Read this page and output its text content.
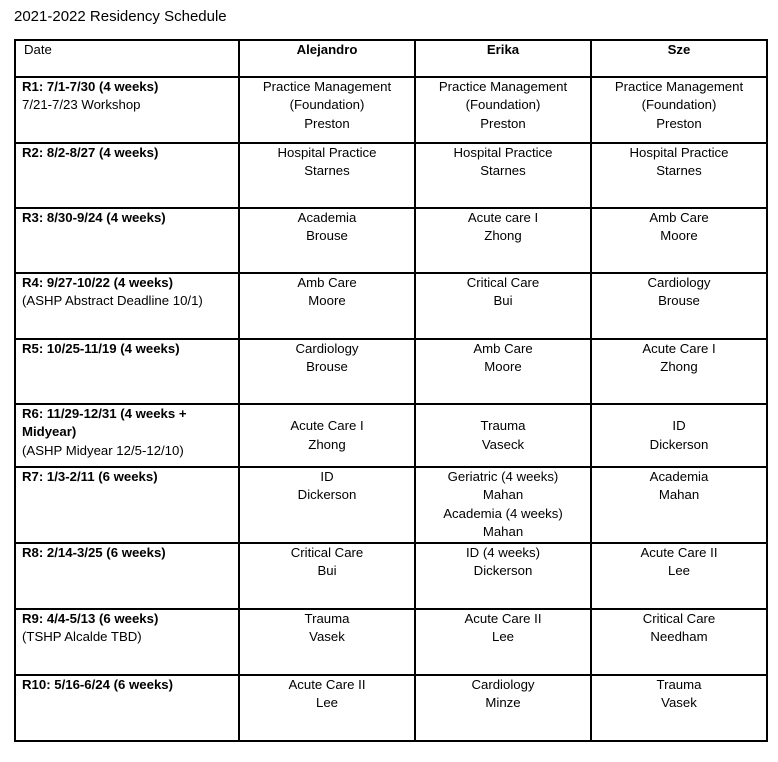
2021-2022 Residency Schedule
Date	Alejandro	Erika	Sze

R1: 7/1-7/30 (4 weeks)
7/21-7/23 Workshop	Practice Management
(Foundation)
Preston	Practice Management
(Foundation)
Preston	Practice Management
(Foundation)
Preston

R2: 8/2-8/27 (4 weeks)	Hospital Practice
Starnes	Hospital Practice
Starnes	Hospital Practice
Starnes

R3: 8/30-9/24 (4 weeks)	Academia
Brouse	Acute care I
Zhong	Amb Care
Moore

R4: 9/27-10/22 (4 weeks)
(ASHP Abstract Deadline 10/1)	Amb Care
Moore	Critical Care
Bui	Cardiology
Brouse

R5: 10/25-11/19 (4 weeks)	Cardiology
Brouse	Amb Care
Moore	Acute Care I
Zhong

R6: 11/29-12/31 (4 weeks + Midyear)
(ASHP Midyear 12/5-12/10)	Acute Care I
Zhong	Trauma
Vaseck	ID
Dickerson

R7: 1/3-2/11 (6 weeks)	ID
Dickerson	Geriatric (4 weeks)
Mahan
Academia (4 weeks)
Mahan	Academia
Mahan

R8: 2/14-3/25 (6 weeks)	Critical Care
Bui	ID (4 weeks)
Dickerson	Acute Care II
Lee

R9: 4/4-5/13 (6 weeks)
(TSHP Alcalde TBD)	Trauma
Vasek	Acute Care II
Lee	Critical Care
Needham

R10: 5/16-6/24 (6 weeks)	Acute Care II
Lee	Cardiology
Minze	Trauma
Vasek
